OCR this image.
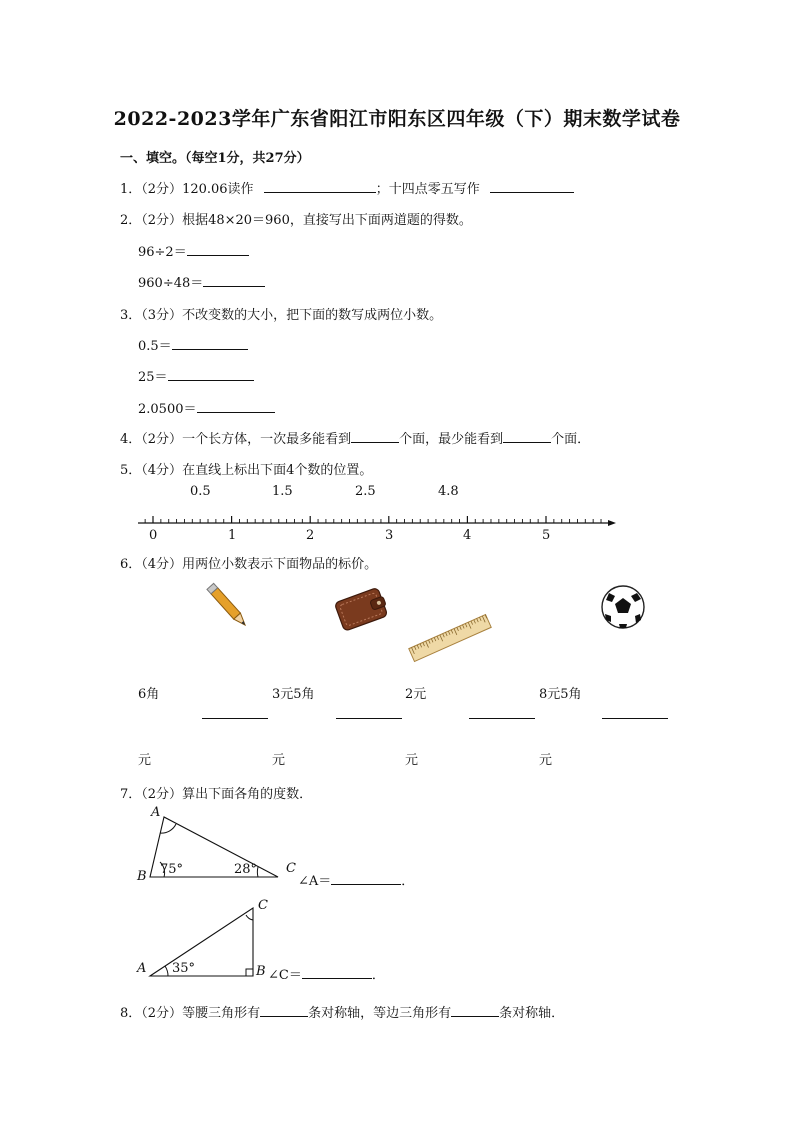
2022-2023学年广东省阳江市阳东区四年级（下）期末数学试卷
一、填空。（每空1分，共27分）
1．（2分）120.06读作	；十四点零五写作
2．（2分）根据48×20＝960，直接写出下面两道题的得数。
96÷2＝
960÷48＝
3．（3分）不改变数的大小，把下面的数写成两位小数。
0.5＝
25＝
2.0500＝
4．（2分）一个长方体，一次最多能看到	个面，最少能看到	个面．
5．（4分）在直线上标出下面4个数的位置。
0.5	1.5	2.5	4.8
0	1	2	3	4	5
6．（4分）用两位小数表示下面物品的标价。
6角	3元5角	2元	8元5角
元	元	元	元
7．（2分）算出下面各角的度数．
A
B
C
75°	28°
∠A＝	．
C
A	B
35°	∠C＝	．
8．（2分）等腰三角形有	条对称轴，等边三角形有	条对称轴．
